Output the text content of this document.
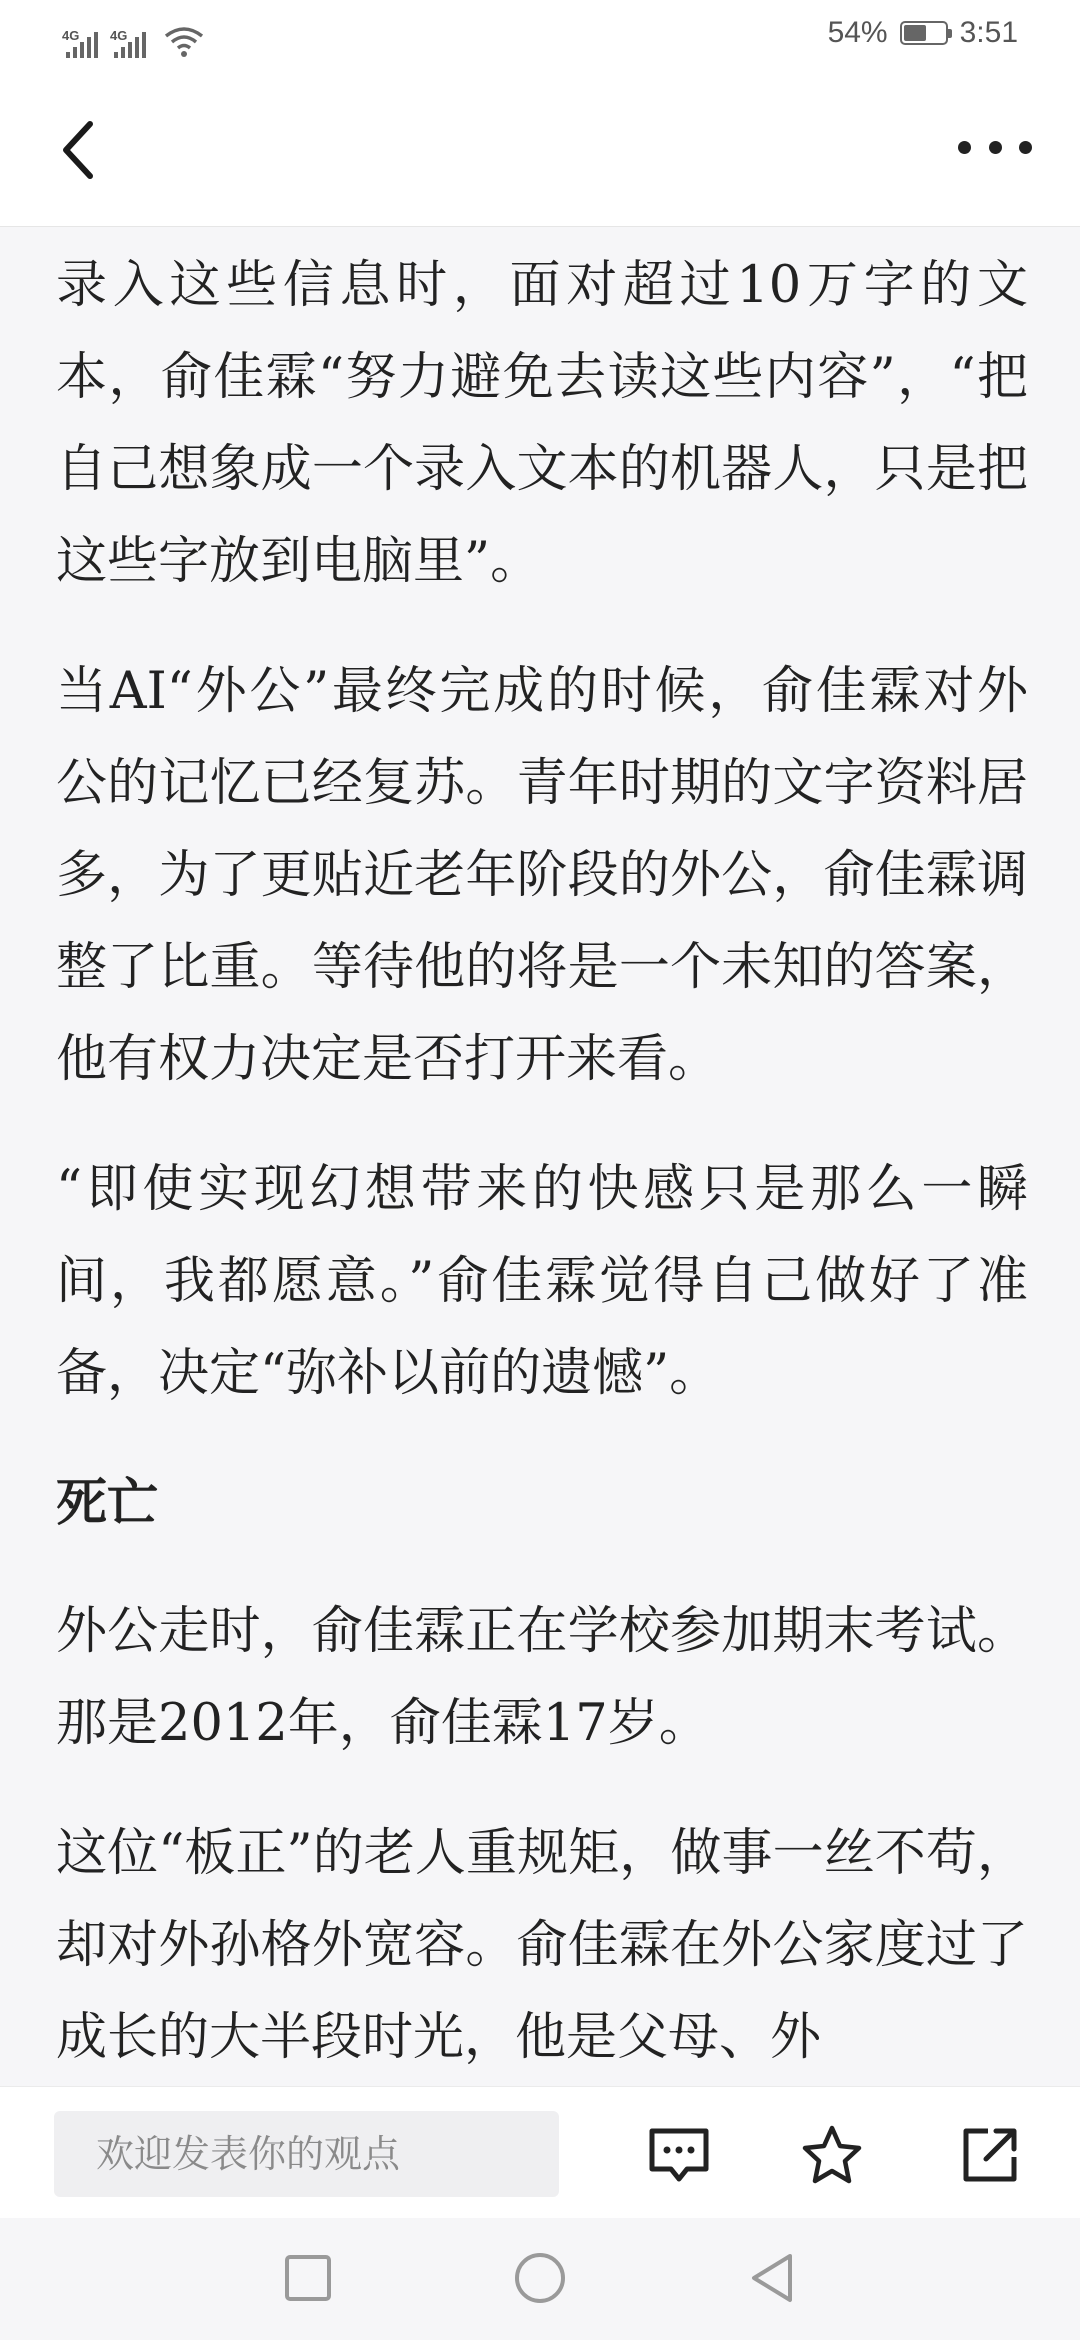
4G 4G	54% 3:51

录入这些信息时，面对超过10万字的文本，俞佳霖“努力避免去读这些内容”，“把自己想象成一个录入文本的机器人，只是把这些字放到电脑里”。

当AI“外公”最终完成的时候，俞佳霖对外公的记忆已经复苏。青年时期的文字资料居多，为了更贴近老年阶段的外公，俞佳霖调整了比重。等待他的将是一个未知的答案，他有权力决定是否打开来看。

“即使实现幻想带来的快感只是那么一瞬间，我都愿意。”俞佳霖觉得自己做好了准备，决定“弥补以前的遗憾”。

死亡

外公走时，俞佳霖正在学校参加期末考试。那是2012年，俞佳霖17岁。

这位“板正”的老人重规矩，做事一丝不苟，却对外孙格外宽容。俞佳霖在外公家度过了成长的大半段时光，他是父母、外

欢迎发表你的观点
